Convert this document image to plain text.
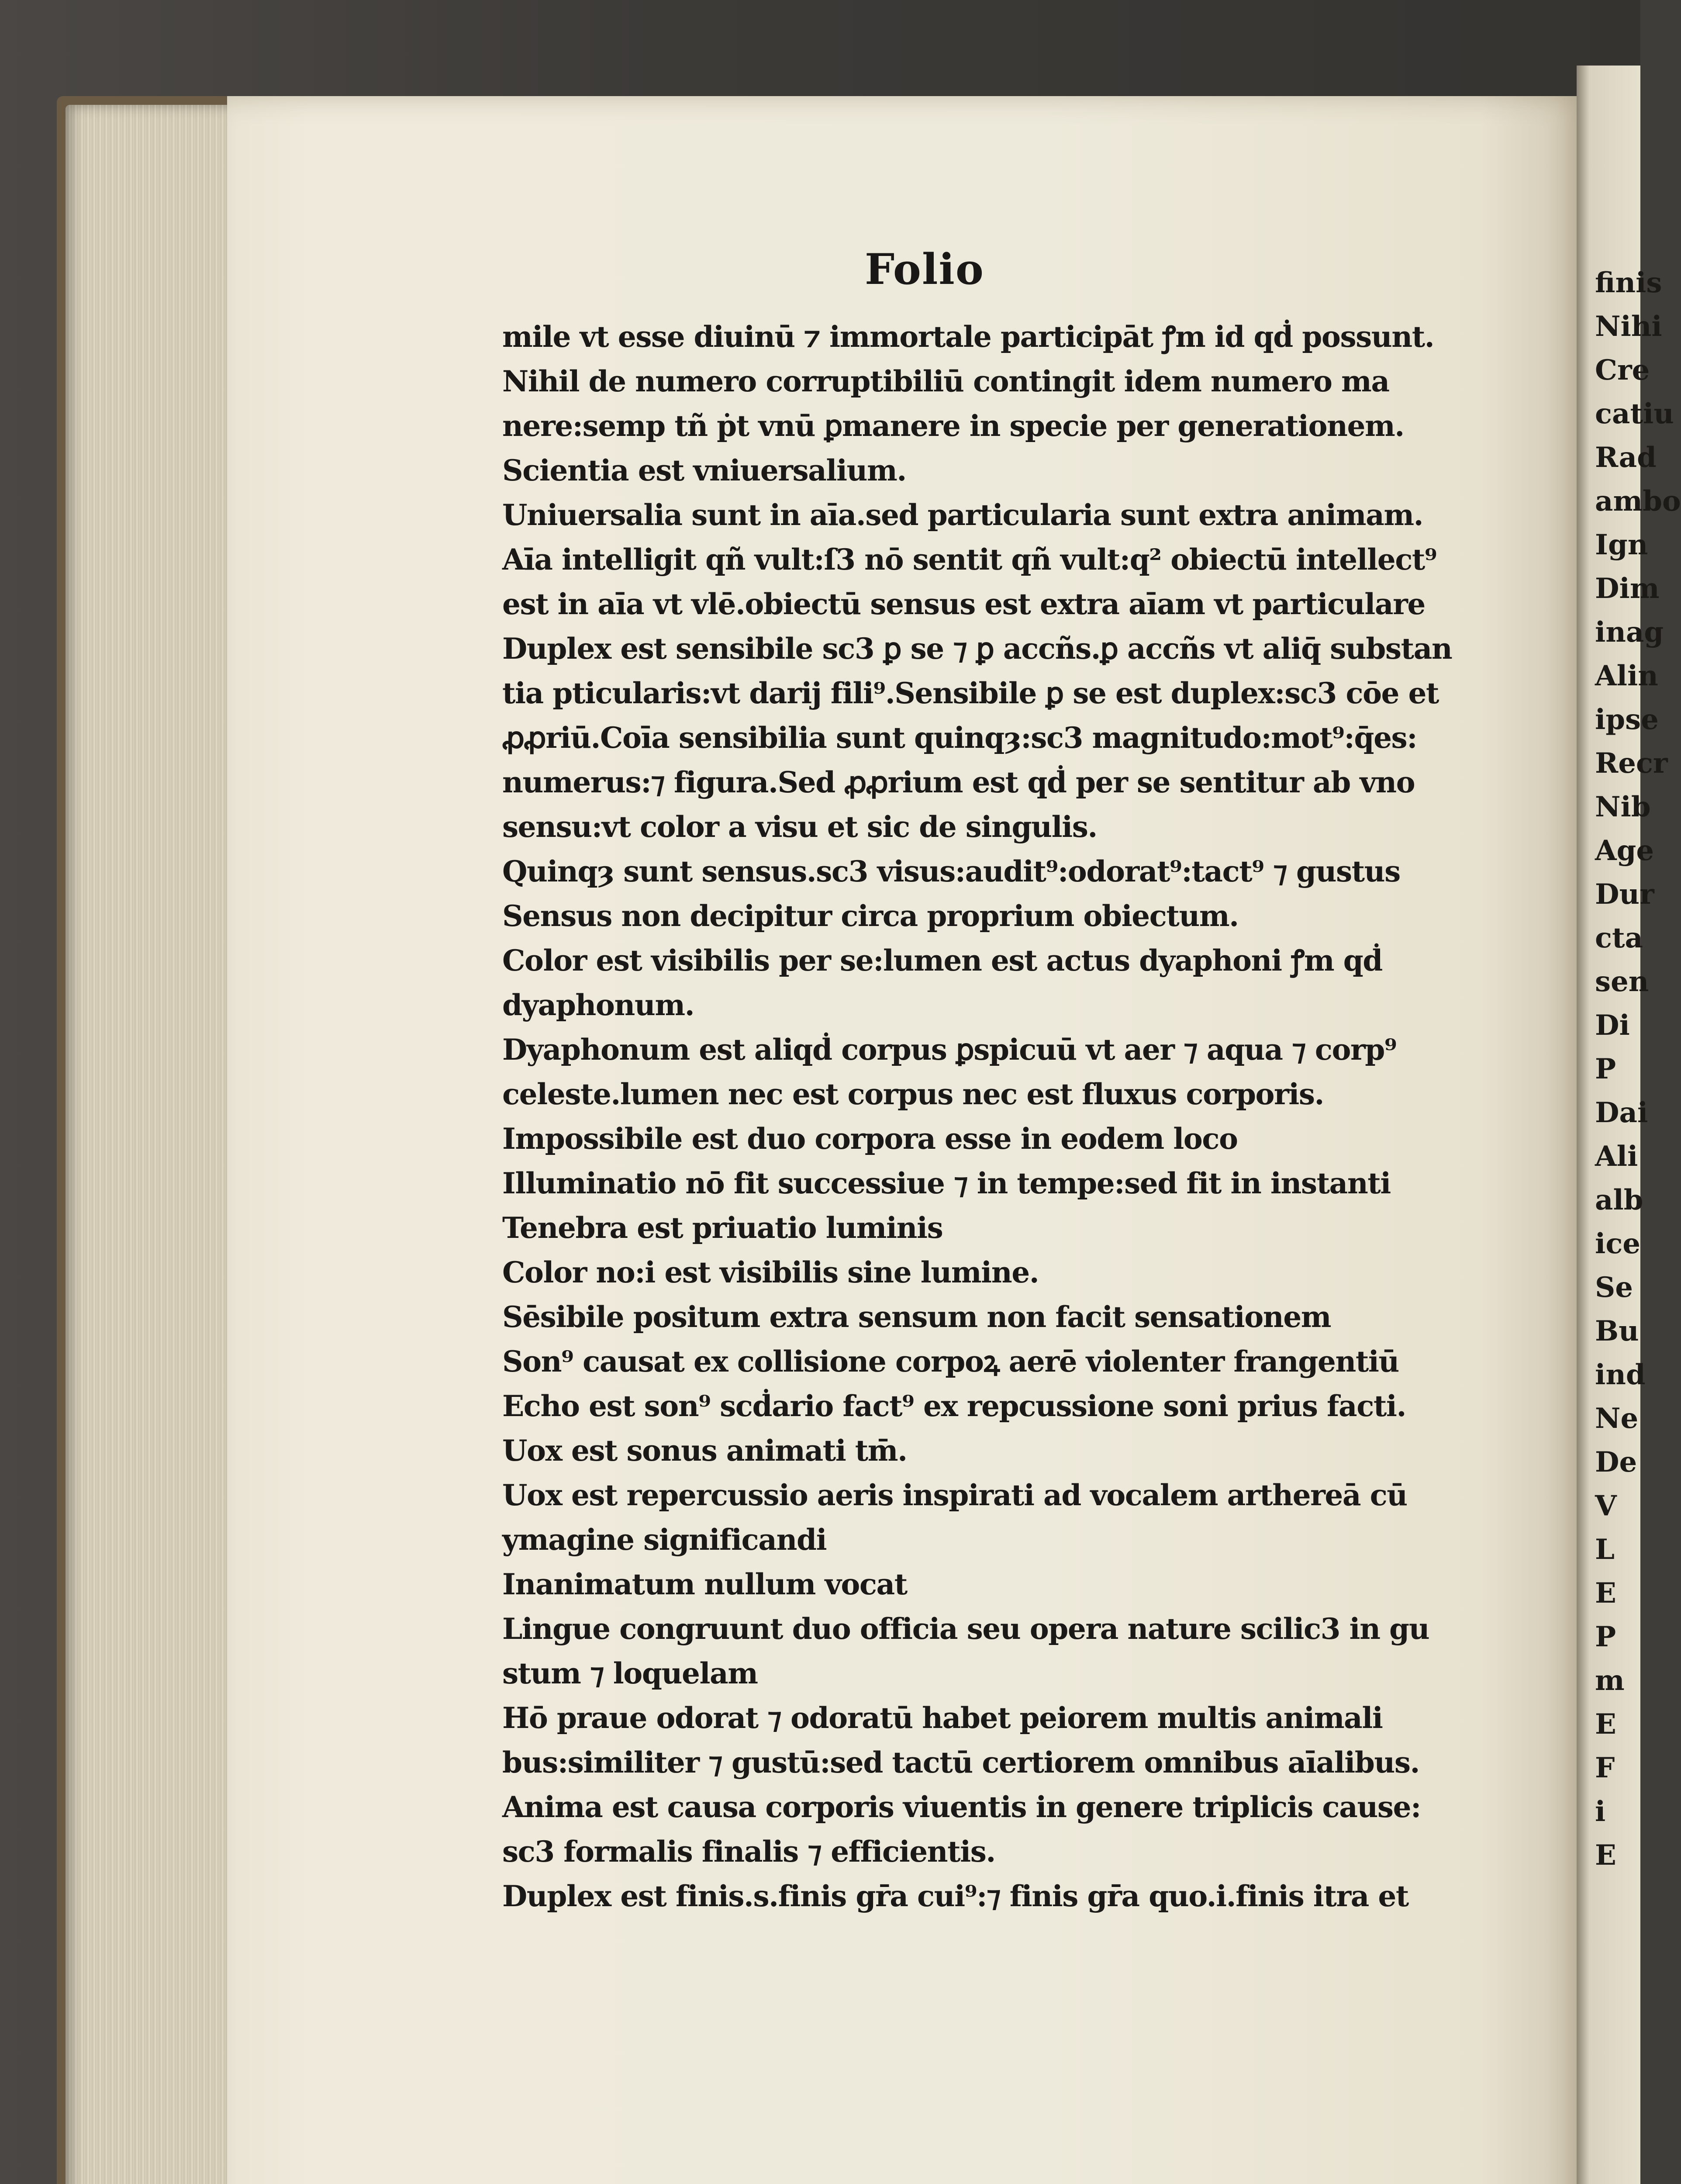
Folio
mile vt esse diuinū ⁊ immortale participāt ꝭm id qḋ possunt.
Nihil de numero corruptibiliū contingit idem numero ma
nere:semp tñ ṗt vnū ꝑmanere in specie per generationem.
Scientia est vniuersalium.
Uniuersalia sunt in aīa.sed particularia sunt extra animam.
Aīa intelligit qñ vult:ſ3 nō sentit qñ vult:q² obiectū intellect⁹
est in aīa vt vlē.obiectū sensus est extra aīam vt particulare
Duplex est sensibile sc3 ꝑ se ⁊ ꝑ accñs.ꝑ accñs vt aliq̄ substan
tia pticularis:vt darij fili⁹.Sensibile ꝑ se est duplex:sc3 cōe et
ꝓꝓriū.Coīa sensibilia sunt quinqȝ:sc3 magnitudo:mot⁹:q̄es:
numerus:⁊ figura.Sed ꝓꝓrium est qḋ per se sentitur ab vno
sensu:vt color a visu et sic de singulis.
Quinqȝ sunt sensus.sc3 visus:audit⁹:odorat⁹:tact⁹ ⁊ gustus
Sensus non decipitur circa proprium obiectum.
Color est visibilis per se:lumen est actus dyaphoni ꝭm qḋ
dyaphonum.
Dyaphonum est aliqḋ corpus ꝑspicuū vt aer ⁊ aqua ⁊ corp⁹
celeste.lumen nec est corpus nec est fluxus corporis.
Impossibile est duo corpora esse in eodem loco
Illuminatio nō fit successiue ⁊ in tempe:sed fit in instanti
Tenebra est priuatio luminis
Color no:i est visibilis sine lumine.
Sēsibile positum extra sensum non facit sensationem
Son⁹ causat ex collisione corpoꝝ aerē violenter frangentiū
Echo est son⁹ scḋario fact⁹ ex repcussione soni prius facti.
Uox est sonus animati tm̄.
Uox est repercussio aeris inspirati ad vocalem arthereā cū
ymagine significandi
Inanimatum nullum vocat
Lingue congruunt duo officia seu opera nature scilic3 in gu
stum ⁊ loquelam
Hō praue odorat ⁊ odoratū habet peiorem multis animali
bus:similiter ⁊ gustū:sed tactū certiorem omnibus aīalibus.
Anima est causa corporis viuentis in genere triplicis cause:
sc3 formalis finalis ⁊ efficientis.
Duplex est finis.s.finis gr̄a cui⁹:⁊ finis gr̄a quo.i.finis itra et
finis
Nihi
Cre
catiu
Rad
ambo
Ign
Dim
inag
Alin
ipse
Recr
Nib
Age
Dur
cta
sen
Di
P
Dai
Ali
alb
ice
Se
Bu
ind
Ne
De
V
L
E
P
m
E
F
i
E
